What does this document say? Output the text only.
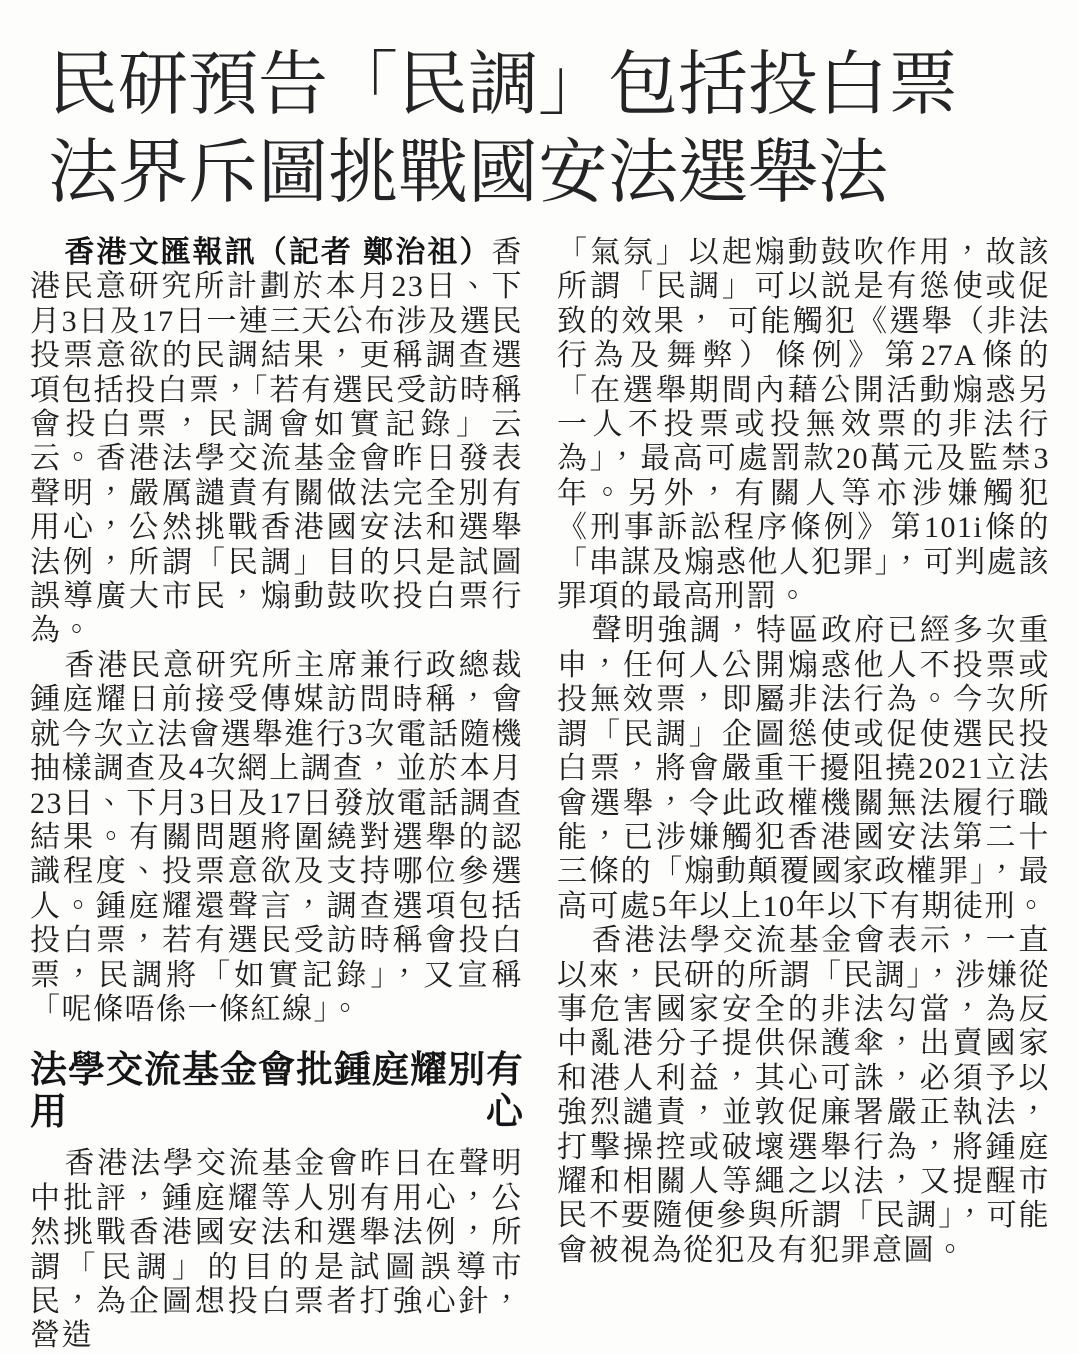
民研預告「民調」包括投白票
法界斥圖挑戰國安法選舉法

香港文匯報訊（記者 鄭治祖）香港民意研究所計劃於本月23日、下月3日及17日一連三天公布涉及選民投票意欲的民調結果，更稱調查選項包括投白票，「若有選民受訪時稱會投白票，民調會如實記錄」云云。香港法學交流基金會昨日發表聲明，嚴厲譴責有關做法完全別有用心，公然挑戰香港國安法和選舉法例，所謂「民調」目的只是試圖誤導廣大市民，煽動鼓吹投白票行為。

香港民意研究所主席兼行政總裁鍾庭耀日前接受傳媒訪問時稱，會就今次立法會選舉進行3次電話隨機抽樣調查及4次網上調查，並於本月23日、下月3日及17日發放電話調查結果。有關問題將圍繞對選舉的認識程度、投票意欲及支持哪位參選人。鍾庭耀還聲言，調查選項包括投白票，若有選民受訪時稱會投白票，民調將「如實記錄」，又宣稱「呢條唔係一條紅線」。

法學交流基金會批鍾庭耀別有用心

香港法學交流基金會昨日在聲明中批評，鍾庭耀等人別有用心，公然挑戰香港國安法和選舉法例，所謂「民調」的目的是試圖誤導市民，為企圖想投白票者打強心針，營造

「氣氛」以起煽動鼓吹作用，故該所謂「民調」可以説是有慫使或促致的效果， 可能觸犯《選舉（非法行為及舞弊）條例》第27A條的「在選舉期間內藉公開活動煽惑另一人不投票或投無效票的非法行為」，最高可處罰款20萬元及監禁3年。另外，有關人等亦涉嫌觸犯《刑事訴訟程序條例》第101i條的「串謀及煽惑他人犯罪」，可判處該罪項的最高刑罰。

聲明強調，特區政府已經多次重申，任何人公開煽惑他人不投票或投無效票，即屬非法行為。今次所謂「民調」企圖慫使或促使選民投白票，將會嚴重干擾阻撓2021立法會選舉，令此政權機關無法履行職能，已涉嫌觸犯香港國安法第二十三條的「煽動顛覆國家政權罪」，最高可處5年以上10年以下有期徒刑。

香港法學交流基金會表示，一直以來，民研的所謂「民調」，涉嫌從事危害國家安全的非法勾當，為反中亂港分子提供保護傘，出賣國家和港人利益，其心可誅，必須予以強烈譴責，並敦促廉署嚴正執法，打擊操控或破壞選舉行為，將鍾庭耀和相關人等繩之以法，又提醒市民不要隨便參與所謂「民調」，可能會被視為從犯及有犯罪意圖。
